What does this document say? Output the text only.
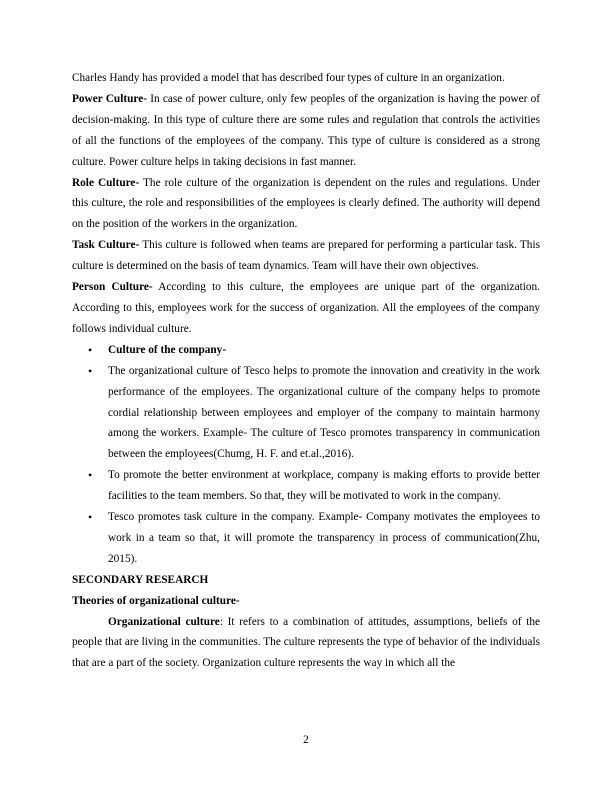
Charles Handy has provided a model that has described four types of culture in an organization.

Power Culture- In case of power culture, only few peoples of the organization is having the power of decision-making. In this type of culture there are some rules and regulation that controls the activities of all the functions of the employees of the company. This type of culture is considered as a strong culture. Power culture helps in taking decisions in fast manner.

Role Culture- The role culture of the organization is dependent on the rules and regulations. Under this culture, the role and responsibilities of the employees is clearly defined. The authority will depend on the position of the workers in the organization.

Task Culture- This culture is followed when teams are prepared for performing a particular task. This culture is determined on the basis of team dynamics. Team will have their own objectives.

Person Culture- According to this culture, the employees are unique part of the organization. According to this, employees work for the success of organization. All the employees of the company follows individual culture.

• Culture of the company-
• The organizational culture of Tesco helps to promote the innovation and creativity in the work performance of the employees. The organizational culture of the company helps to promote cordial relationship between employees and employer of the company to maintain harmony among the workers. Example- The culture of Tesco promotes transparency in communication between the employees(Chumg, H. F. and et.al.,2016).
• To promote the better environment at workplace, company is making efforts to provide better facilities to the team members. So that, they will be motivated to work in the company.
• Tesco promotes task culture in the company. Example- Company motivates the employees to work in a team so that, it will promote the transparency in process of communication(Zhu, 2015).

SECONDARY RESEARCH

Theories of organizational culture-

Organizational culture: It refers to a combination of attitudes, assumptions, beliefs of the people that are living in the communities. The culture represents the type of behavior of the individuals that are a part of the society. Organization culture represents the way in which all the

2
